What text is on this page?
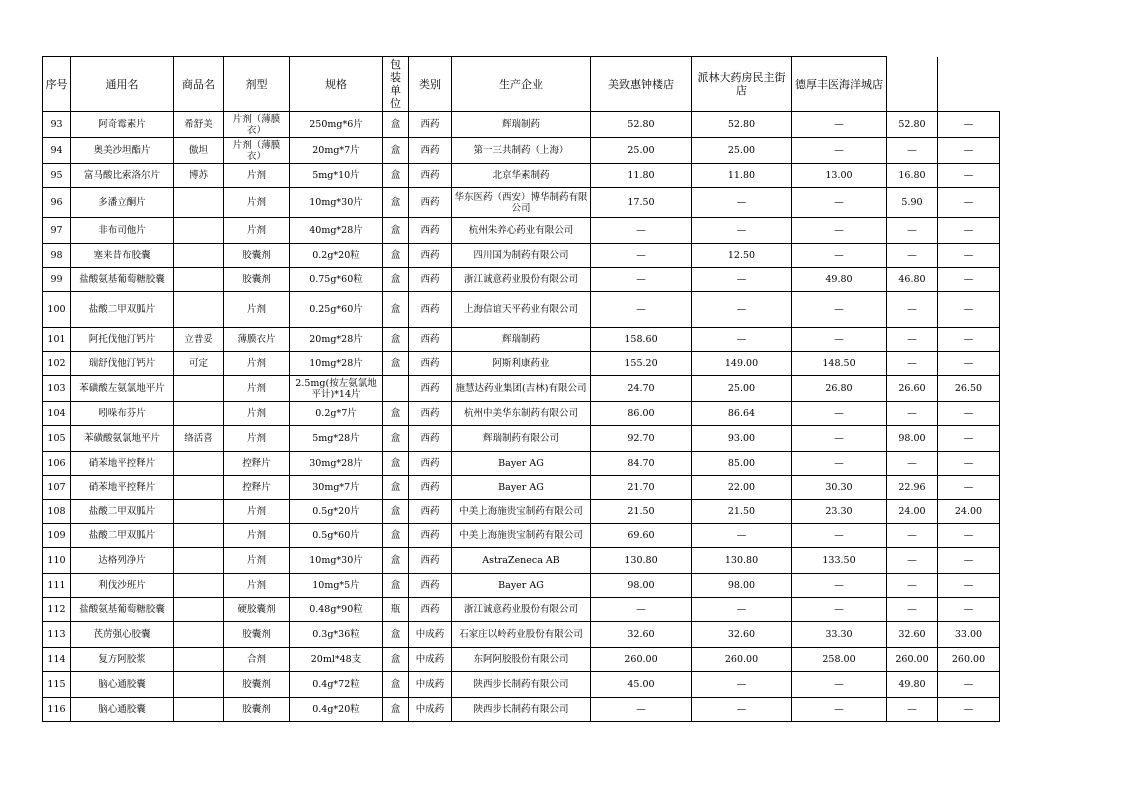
序号	通用名	商品名	剂型	规格	包装单位	类别	生产企业	美致惠钟楼店	派林大药房民主街店	德厚丰医海洋城店		
93	阿奇霉素片	希舒美	片剂（薄膜衣）	250mg*6片	盒	西药	辉瑞制药	52.80	52.80	—	52.80	—
94	奥美沙坦酯片	傲坦	片剂（薄膜衣）	20mg*7片	盒	西药	第一三共制药（上海）	25.00	25.00	—	—	—
95	富马酸比索洛尔片	博苏	片剂	5mg*10片	盒	西药	北京华素制药	11.80	11.80	13.00	16.80	—
96	多潘立酮片		片剂	10mg*30片	盒	西药	华东医药（西安）博华制药有限公司	17.50	—	—	5.90	—
97	非布司他片		片剂	40mg*28片	盒	西药	杭州朱养心药业有限公司	—	—	—	—	—
98	塞来昔布胶囊		胶囊剂	0.2g*20粒	盒	西药	四川国为制药有限公司	—	12.50	—	—	—
99	盐酸氨基葡萄糖胶囊		胶囊剂	0.75g*60粒	盒	西药	浙江诚意药业股份有限公司	—	—	49.80	46.80	—
100	盐酸二甲双胍片		片剂	0.25g*60片	盒	西药	上海信谊天平药业有限公司	—	—	—	—	—
101	阿托伐他汀钙片	立普妥	薄膜衣片	20mg*28片	盒	西药	辉瑞制药	158.60	—	—	—	—
102	瑞舒伐他汀钙片	可定	片剂	10mg*28片	盒	西药	阿斯利康药业	155.20	149.00	148.50	—	—
103	苯磺酸左氨氯地平片		片剂	2.5mg(按左氨氯地平计)*14片		西药	施慧达药业集团(吉林)有限公司	24.70	25.00	26.80	26.60	26.50
104	吲哚布芬片		片剂	0.2g*7片	盒	西药	杭州中美华东制药有限公司	86.00	86.64	—	—	—
105	苯磺酸氨氯地平片	络活喜	片剂	5mg*28片	盒	西药	辉瑞制药有限公司	92.70	93.00	—	98.00	—
106	硝苯地平控释片		控释片	30mg*28片	盒	西药	Bayer AG	84.70	85.00	—	—	—
107	硝苯地平控释片		控释片	30mg*7片	盒	西药	Bayer AG	21.70	22.00	30.30	22.96	—
108	盐酸二甲双胍片		片剂	0.5g*20片	盒	西药	中美上海施贵宝制药有限公司	21.50	21.50	23.30	24.00	24.00
109	盐酸二甲双胍片		片剂	0.5g*60片	盒	西药	中美上海施贵宝制药有限公司	69.60	—	—	—	—
110	达格列净片		片剂	10mg*30片	盒	西药	AstraZeneca AB	130.80	130.80	133.50	—	—
111	利伐沙班片		片剂	10mg*5片	盒	西药	Bayer AG	98.00	98.00	—	—	—
112	盐酸氨基葡萄糖胶囊		硬胶囊剂	0.48g*90粒	瓶	西药	浙江诚意药业股份有限公司	—	—	—	—	—
113	芪苈强心胶囊		胶囊剂	0.3g*36粒	盒	中成药	石家庄以岭药业股份有限公司	32.60	32.60	33.30	32.60	33.00
114	复方阿胶浆		合剂	20ml*48支	盒	中成药	东阿阿胶股份有限公司	260.00	260.00	258.00	260.00	260.00
115	脑心通胶囊		胶囊剂	0.4g*72粒	盒	中成药	陕西步长制药有限公司	45.00	—	—	49.80	—
116	脑心通胶囊		胶囊剂	0.4g*20粒	盒	中成药	陕西步长制药有限公司	—	—	—	—	—
